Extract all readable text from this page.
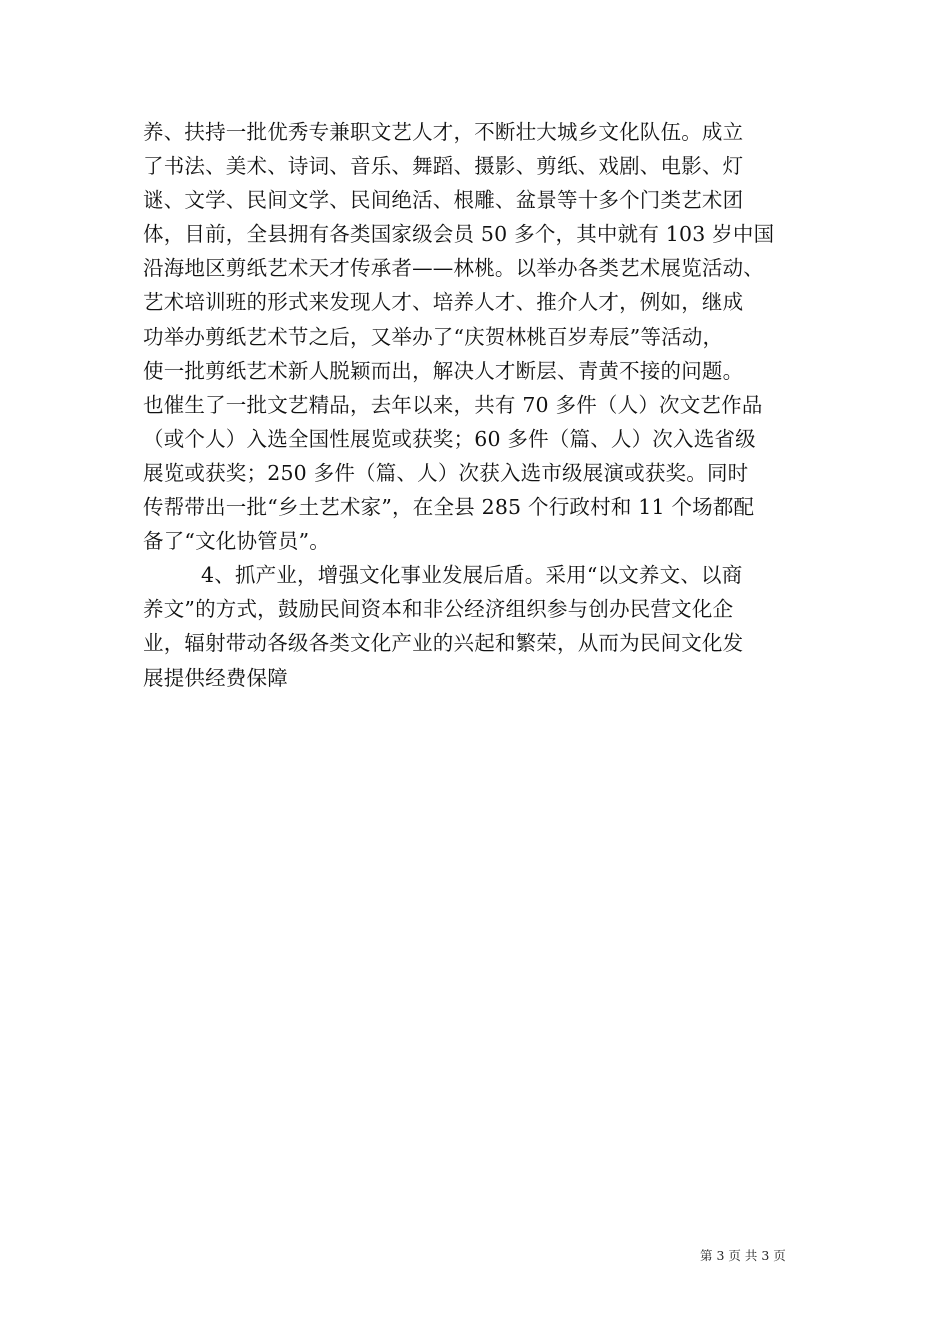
养、扶持一批优秀专兼职文艺人才，不断壮大城乡文化队伍。成立
了书法、美术、诗词、音乐、舞蹈、摄影、剪纸、戏剧、电影、灯
谜、文学、民间文学、民间绝活、根雕、盆景等十多个门类艺术团
体，目前，全县拥有各类国家级会员 50 多个，其中就有 103 岁中国
沿海地区剪纸艺术天才传承者——林桃。以举办各类艺术展览活动、
艺术培训班的形式来发现人才、培养人才、推介人才，例如，继成
功举办剪纸艺术节之后，又举办了“庆贺林桃百岁寿辰”等活动，
使一批剪纸艺术新人脱颖而出，解决人才断层、青黄不接的问题。
也催生了一批文艺精品，去年以来，共有 70 多件（人）次文艺作品
（或个人）入选全国性展览或获奖；60 多件（篇、人）次入选省级
展览或获奖；250 多件（篇、人）次获入选市级展演或获奖。同时
传帮带出一批“乡土艺术家”，在全县 285 个行政村和 11 个场都配
备了“文化协管员”。
4、抓产业，增强文化事业发展后盾。采用“以文养文、以商
养文”的方式，鼓励民间资本和非公经济组织参与创办民营文化企
业，辐射带动各级各类文化产业的兴起和繁荣，从而为民间文化发
展提供经费保障
第 3 页 共 3 页
